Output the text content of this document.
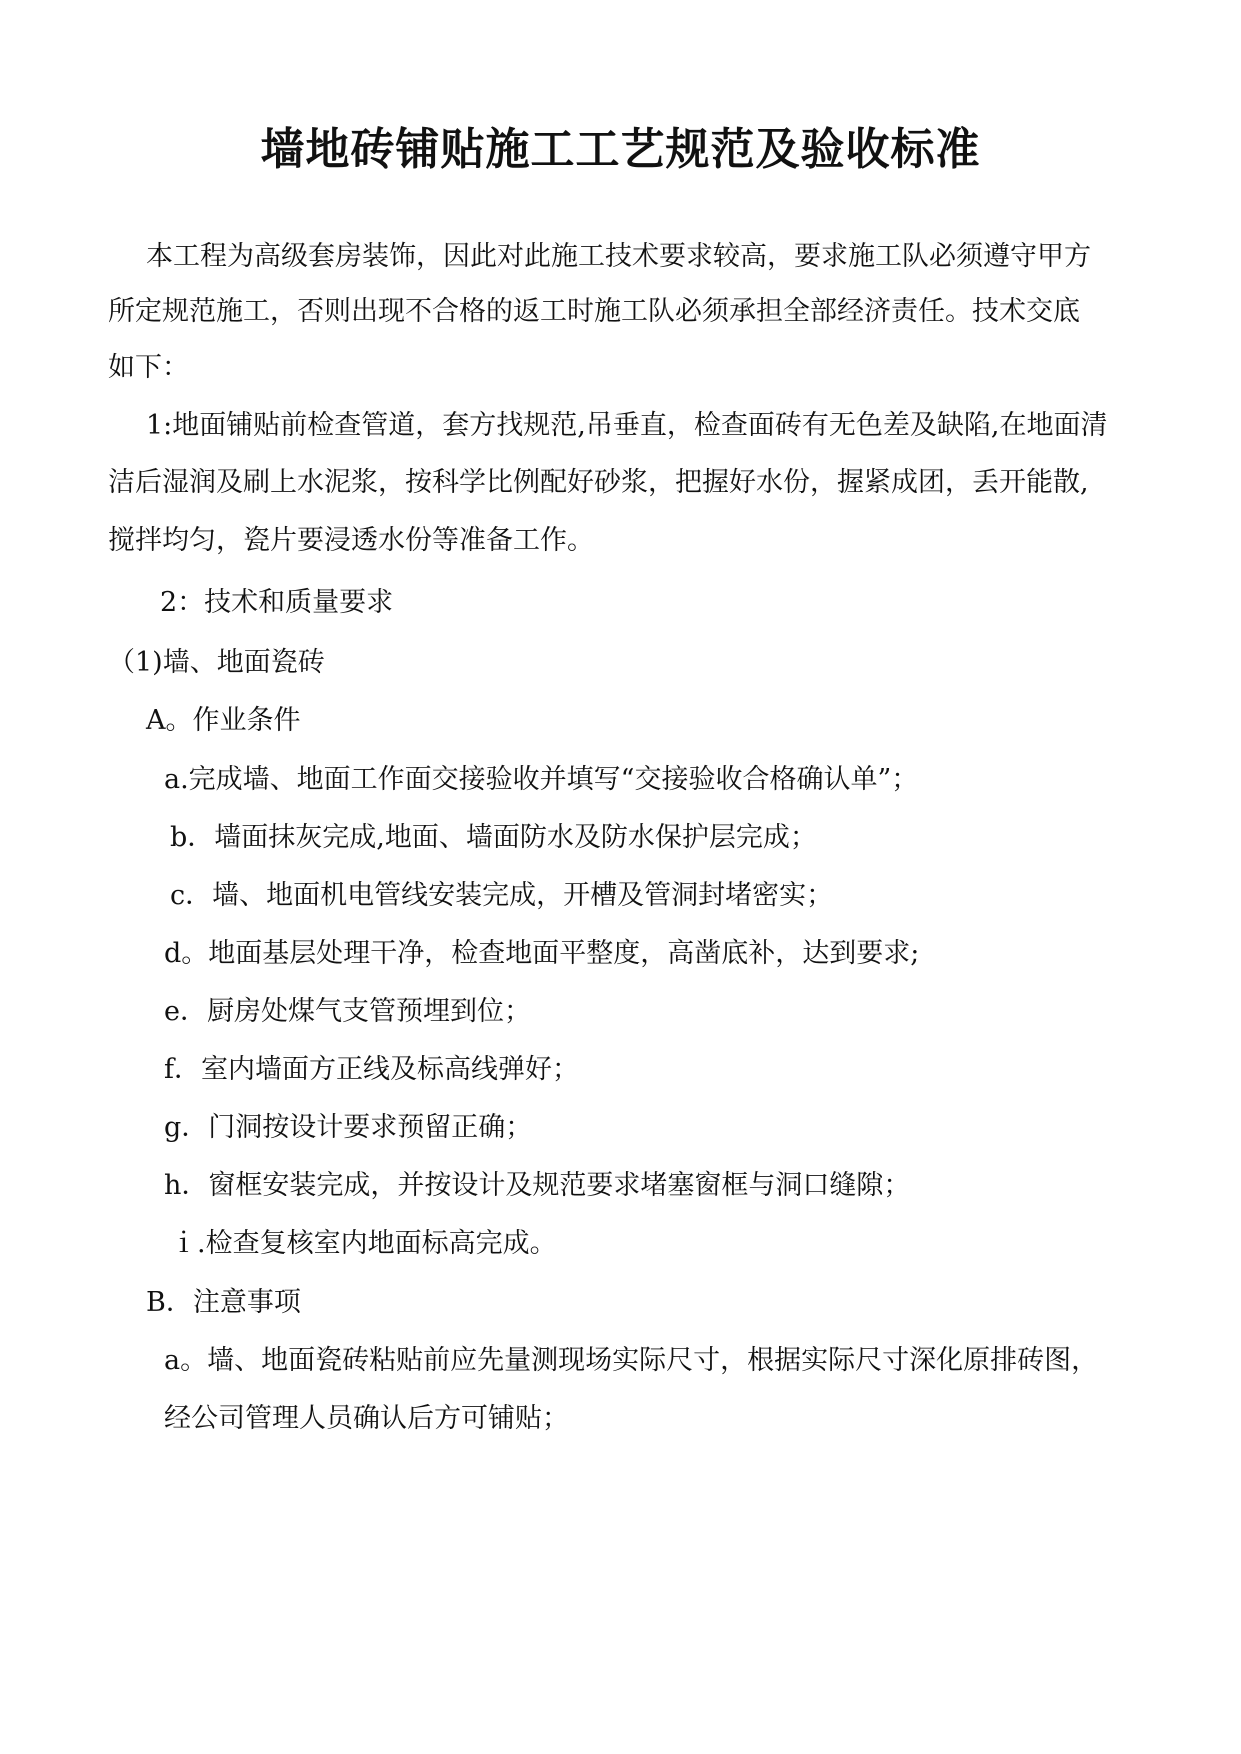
墙地砖铺贴施工工艺规范及验收标准
本工程为高级套房装饰，因此对此施工技术要求较高，要求施工队必须遵守甲方
所定规范施工，否则出现不合格的返工时施工队必须承担全部经济责任。技术交底
如下：
1:地面铺贴前检查管道，套方找规范,吊垂直，检查面砖有无色差及缺陷,在地面清
洁后湿润及刷上水泥浆，按科学比例配好砂浆，把握好水份，握紧成团，丢开能散,
搅拌均匀，瓷片要浸透水份等准备工作。
2：技术和质量要求
（1)墙、地面瓷砖
A。作业条件
a.完成墙、地面工作面交接验收并填写“交接验收合格确认单”；
b．墙面抹灰完成,地面、墙面防水及防水保护层完成；
c．墙、地面机电管线安装完成，开槽及管洞封堵密实；
d。地面基层处理干净，检查地面平整度，高凿底补，达到要求;
e．厨房处煤气支管预埋到位；
f．室内墙面方正线及标高线弹好；
g．门洞按设计要求预留正确；
h．窗框安装完成，并按设计及规范要求堵塞窗框与洞口缝隙；
ｉ.检查复核室内地面标高完成。
B．注意事项
a。墙、地面瓷砖粘贴前应先量测现场实际尺寸，根据实际尺寸深化原排砖图，
经公司管理人员确认后方可铺贴；
